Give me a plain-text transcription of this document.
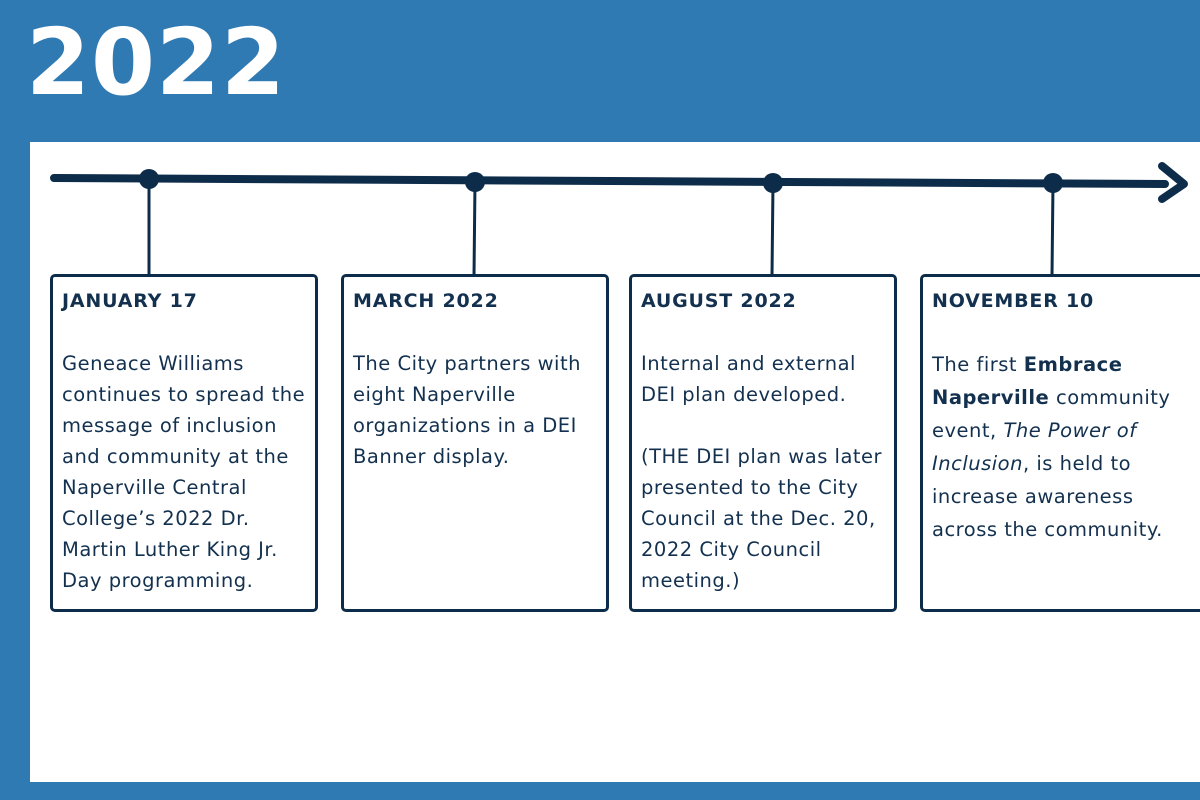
2022
JANUARY 17
Geneace Williams continues to spread the message of inclusion and community at the Naperville Central College’s 2022 Dr. Martin Luther King Jr. Day programming.
MARCH 2022
The City partners with eight Naperville organizations in a DEI Banner display.
AUGUST 2022
Internal and external DEI plan developed.
(THE DEI plan was later presented to the City Council at the Dec. 20, 2022 City Council meeting.)
NOVEMBER 10
The first Embrace Naperville community event, The Power of Inclusion, is held to increase awareness across the community.
